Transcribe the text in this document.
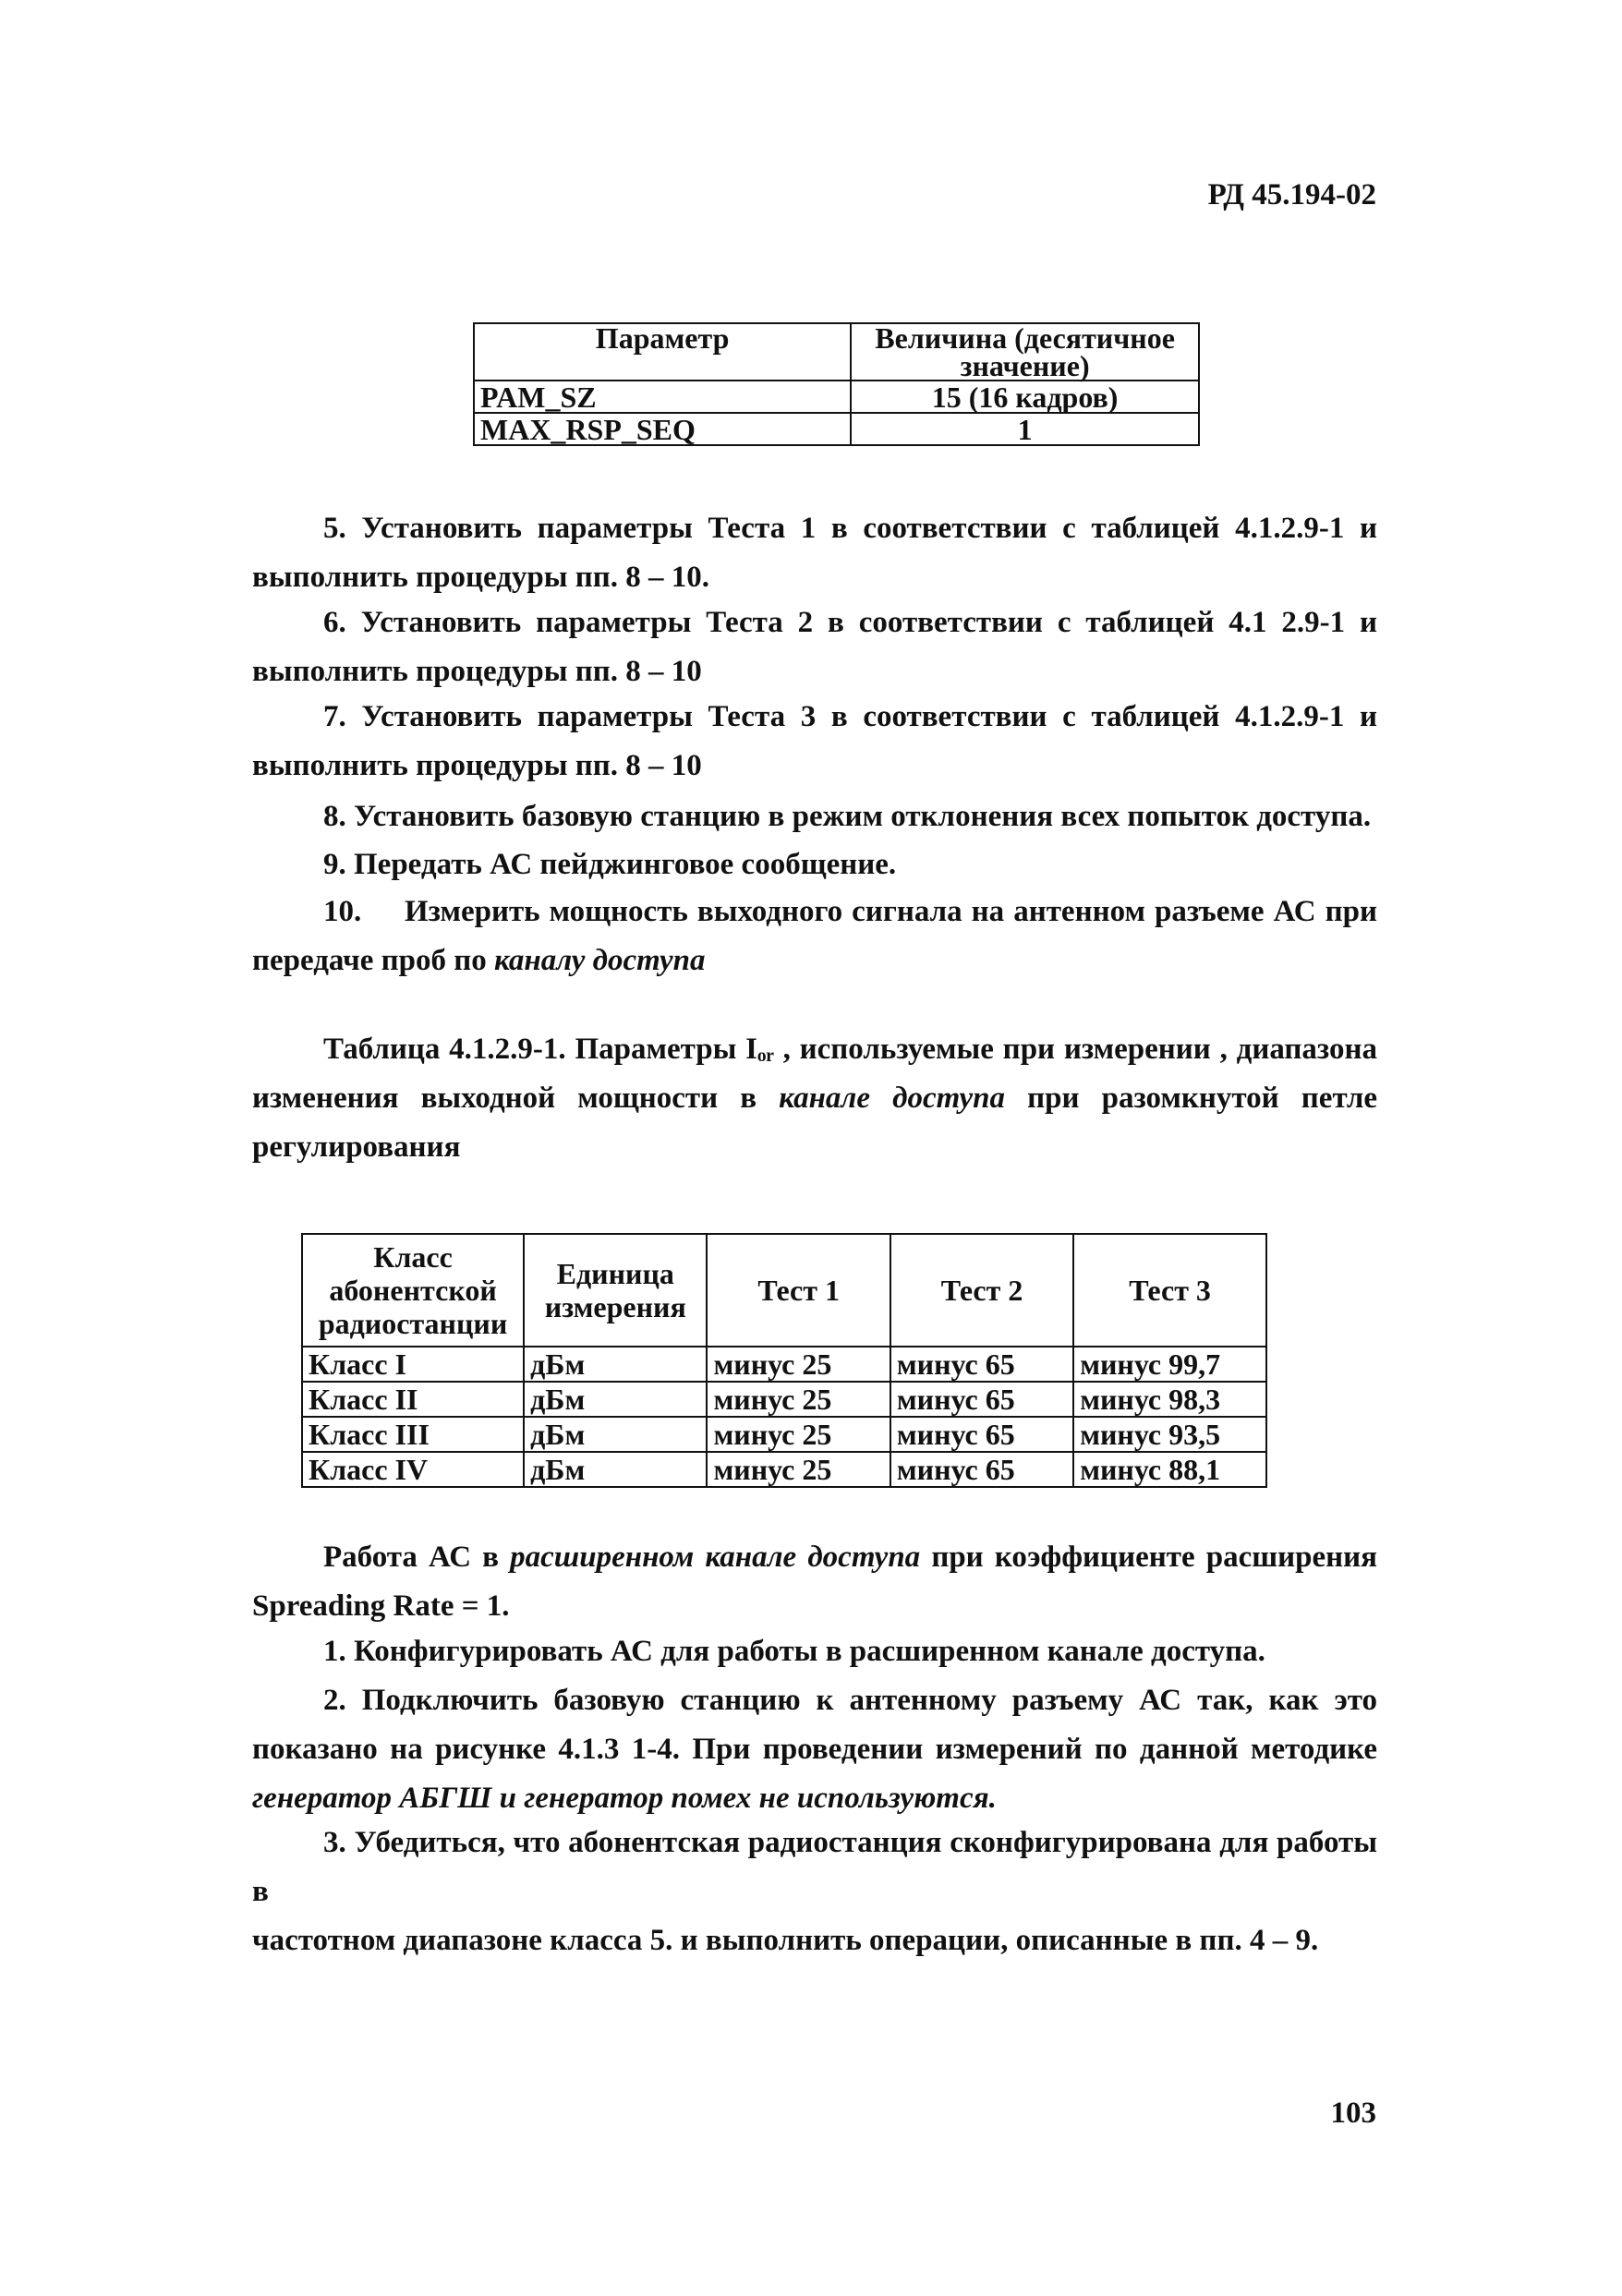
РД 45.194-02
Параметр	Величина (десятичное значение)
PAM_SZ	15 (16 кадров)
MAX_RSP_SEQ	1
5. Установить параметры Теста 1 в соответствии с таблицей 4.1.2.9-1 и
выполнить процедуры пп. 8 – 10.
6. Установить параметры Теста 2 в соответствии с таблицей 4.1 2.9-1 и
выполнить процедуры пп. 8 – 10
7. Установить параметры Теста 3 в соответствии с таблицей 4.1.2.9-1 и
выполнить процедуры пп. 8 – 10
8. Установить базовую станцию в режим отклонения всех попыток доступа.
9. Передать АС пейджинговое сообщение.
10.	Измерить мощность выходного сигнала на антенном разъеме АС при
передаче проб по каналу доступа
Таблица 4.1.2.9-1. Параметры Iₒᵣ , используемые при измерении , диапазона
изменения выходной мощности в канале доступа при разомкнутой петле
регулирования
Класс абонентской радиостанции	Единица измерения	Тест 1	Тест 2	Тест 3
Класс I	дБм	минус 25	минус 65	минус 99,7
Класс II	дБм	минус 25	минус 65	минус 98,3
Класс III	дБм	минус 25	минус 65	минус 93,5
Класс IV	дБм	минус 25	минус 65	минус 88,1
Работа АС в расширенном канале доступа при коэффициенте расширения
Spreading Rate = 1.
1. Конфигурировать АС для работы в расширенном канале доступа.
2. Подключить базовую станцию к антенному разъему АС так, как это
показано на рисунке 4.1.3 1-4. При проведении измерений по данной методике
генератор АБГШ и генератор помех не используются.
3. Убедиться, что абонентская радиостанция сконфигурирована для работы в
частотном диапазоне класса 5. и выполнить операции, описанные в пп. 4 – 9.
103
